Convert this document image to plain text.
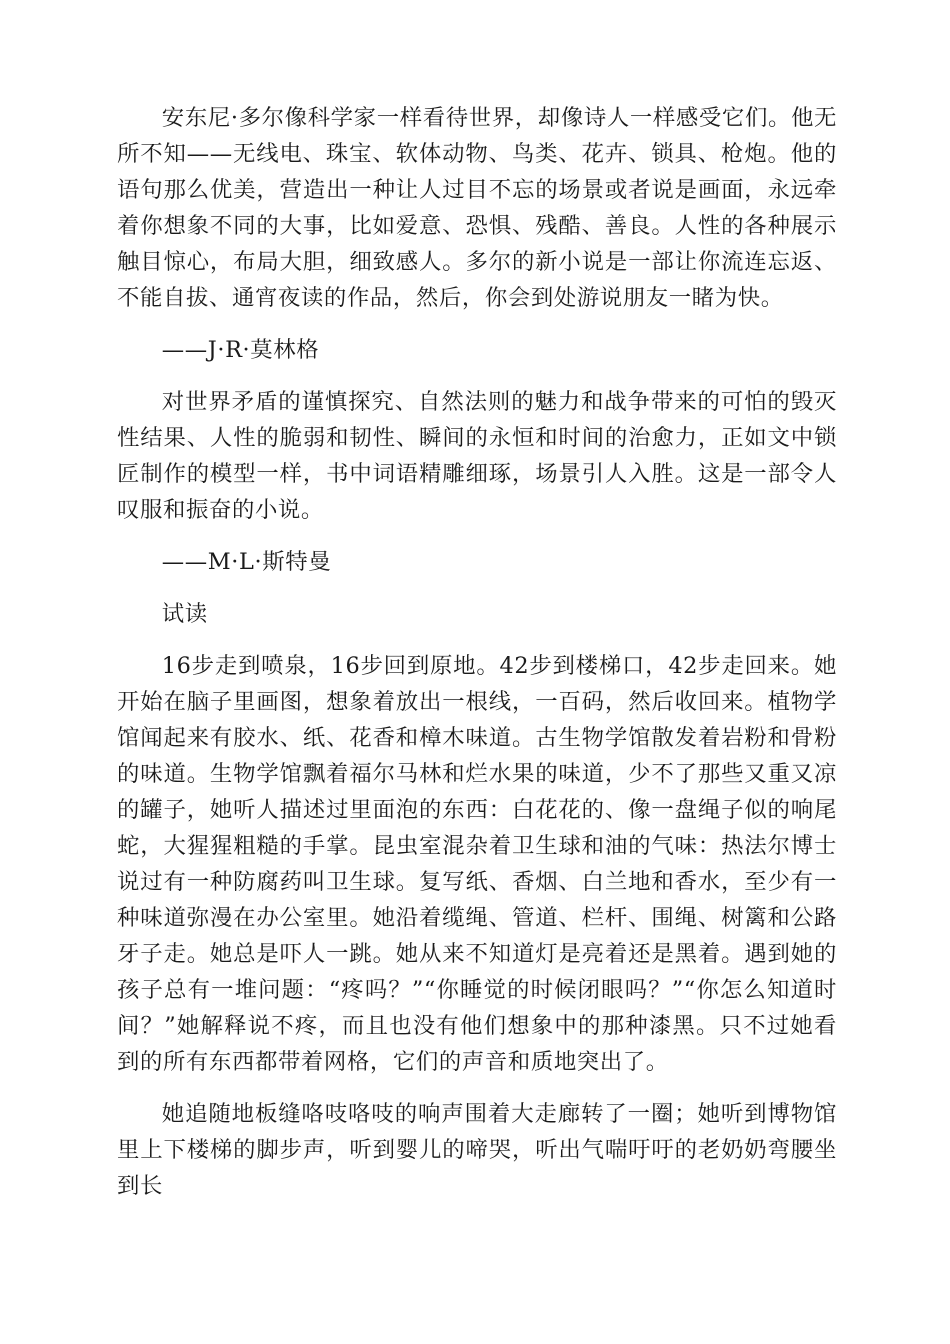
安东尼·多尔像科学家一样看待世界，却像诗人一样感受它们。他无所不知——无线电、珠宝、软体动物、鸟类、花卉、锁具、枪炮。他的语句那么优美，营造出一种让人过目不忘的场景或者说是画面，永远牵着你想象不同的大事，比如爱意、恐惧、残酷、善良。人性的各种展示触目惊心，布局大胆，细致感人。多尔的新小说是一部让你流连忘返、不能自拔、通宵夜读的作品，然后，你会到处游说朋友一睹为快。

——J·R·莫林格

对世界矛盾的谨慎探究、自然法则的魅力和战争带来的可怕的毁灭性结果、人性的脆弱和韧性、瞬间的永恒和时间的治愈力，正如文中锁匠制作的模型一样，书中词语精雕细琢，场景引人入胜。这是一部令人叹服和振奋的小说。

——M·L·斯特曼

试读

16步走到喷泉，16步回到原地。42步到楼梯口，42步走回来。她开始在脑子里画图，想象着放出一根线，一百码，然后收回来。植物学馆闻起来有胶水、纸、花香和樟木味道。古生物学馆散发着岩粉和骨粉的味道。生物学馆飘着福尔马林和烂水果的味道，少不了那些又重又凉的罐子，她听人描述过里面泡的东西：白花花的、像一盘绳子似的响尾蛇，大猩猩粗糙的手掌。昆虫室混杂着卫生球和油的气味：热法尔博士说过有一种防腐药叫卫生球。复写纸、香烟、白兰地和香水，至少有一种味道弥漫在办公室里。她沿着缆绳、管道、栏杆、围绳、树篱和公路牙子走。她总是吓人一跳。她从来不知道灯是亮着还是黑着。遇到她的孩子总有一堆问题：“疼吗？”“你睡觉的时候闭眼吗？”“你怎么知道时间？”她解释说不疼，而且也没有他们想象中的那种漆黑。只不过她看到的所有东西都带着网格，它们的声音和质地突出了。

她追随地板缝咯吱咯吱的响声围着大走廊转了一圈；她听到博物馆里上下楼梯的脚步声，听到婴儿的啼哭，听出气喘吁吁的老奶奶弯腰坐到长
